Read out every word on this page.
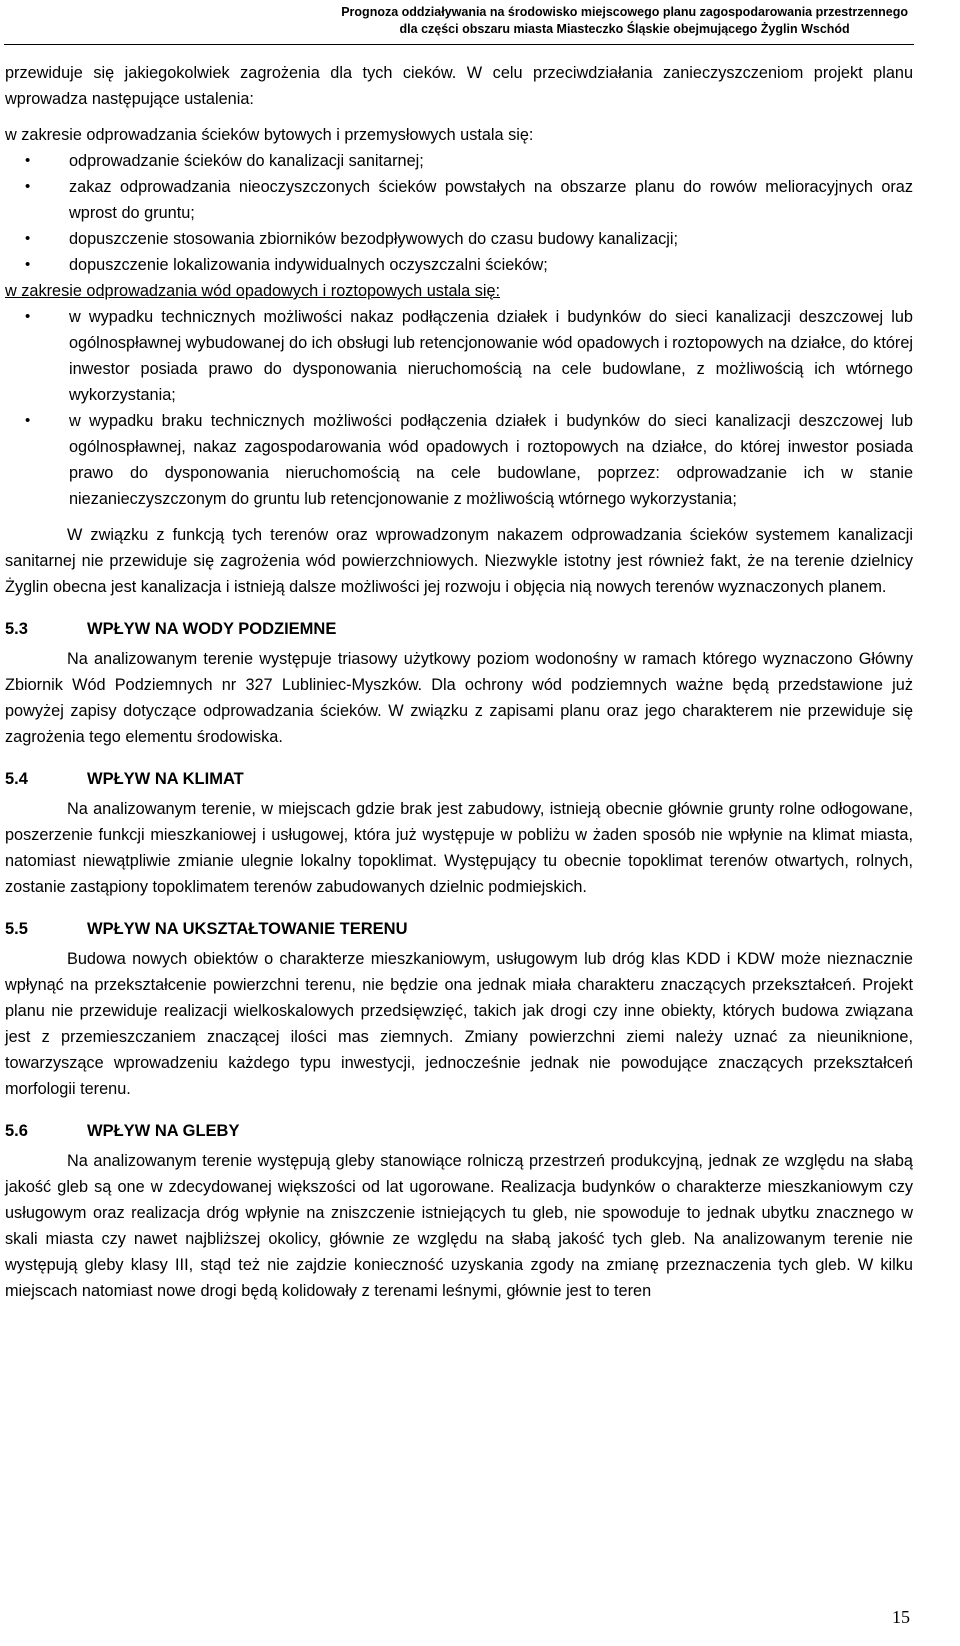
Prognoza oddziaływania na środowisko miejscowego planu zagospodarowania przestrzennego
dla części obszaru miasta Miasteczko Śląskie obejmującego Żyglin Wschód

przewiduje się jakiegokolwiek zagrożenia dla tych cieków. W celu przeciwdziałania zanieczyszczeniom projekt planu wprowadza następujące ustalenia:

w zakresie odprowadzania ścieków bytowych i przemysłowych ustala się:

• odprowadzanie ścieków do kanalizacji sanitarnej;
• zakaz odprowadzania nieoczyszczonych ścieków powstałych na obszarze planu do rowów melioracyjnych oraz wprost do gruntu;
• dopuszczenie stosowania zbiorników bezodpływowych do czasu budowy kanalizacji;
• dopuszczenie lokalizowania indywidualnych oczyszczalni ścieków;

w zakresie odprowadzania wód opadowych i roztopowych ustala się:

• w wypadku technicznych możliwości nakaz podłączenia działek i budynków do sieci kanalizacji deszczowej lub ogólnospławnej wybudowanej do ich obsługi lub retencjonowanie wód opadowych i roztopowych na działce, do której inwestor posiada prawo do dysponowania nieruchomością na cele budowlane, z możliwością ich wtórnego wykorzystania;
• w wypadku braku technicznych możliwości podłączenia działek i budynków do sieci kanalizacji deszczowej lub ogólnospławnej, nakaz zagospodarowania wód opadowych i roztopowych na działce, do której inwestor posiada prawo do dysponowania nieruchomością na cele budowlane, poprzez: odprowadzanie ich w stanie niezanieczyszczonym do gruntu lub retencjonowanie z możliwością wtórnego wykorzystania;

W związku z funkcją tych terenów oraz wprowadzonym nakazem odprowadzania ścieków systemem kanalizacji sanitarnej nie przewiduje się zagrożenia wód powierzchniowych. Niezwykle istotny jest również fakt, że na terenie dzielnicy Żyglin obecna jest kanalizacja i istnieją dalsze możliwości jej rozwoju i objęcia nią nowych terenów wyznaczonych planem.

5.3	WPŁYW NA WODY PODZIEMNE

Na analizowanym terenie występuje triasowy użytkowy poziom wodonośny w ramach którego wyznaczono Główny Zbiornik Wód Podziemnych nr 327 Lubliniec-Myszków. Dla ochrony wód podziemnych ważne będą przedstawione już powyżej zapisy dotyczące odprowadzania ścieków. W związku z zapisami planu oraz jego charakterem nie przewiduje się zagrożenia tego elementu środowiska.

5.4	WPŁYW NA KLIMAT

Na analizowanym terenie, w miejscach gdzie brak jest zabudowy, istnieją obecnie głównie grunty rolne odłogowane, poszerzenie funkcji mieszkaniowej i usługowej, która już występuje w pobliżu w żaden sposób nie wpłynie na klimat miasta, natomiast niewątpliwie zmianie ulegnie lokalny topoklimat. Występujący tu obecnie topoklimat terenów otwartych, rolnych, zostanie zastąpiony topoklimatem terenów zabudowanych dzielnic podmiejskich.

5.5	WPŁYW NA UKSZTAŁTOWANIE TERENU

Budowa nowych obiektów o charakterze mieszkaniowym, usługowym lub dróg klas KDD i KDW może nieznacznie wpłynąć na przekształcenie powierzchni terenu, nie będzie ona jednak miała charakteru znaczących przekształceń. Projekt planu nie przewiduje realizacji wielkoskalowych przedsięwzięć, takich jak drogi czy inne obiekty, których budowa związana jest z przemieszczaniem znaczącej ilości mas ziemnych. Zmiany powierzchni ziemi należy uznać za nieuniknione, towarzyszące wprowadzeniu każdego typu inwestycji, jednocześnie jednak nie powodujące znaczących przekształceń morfologii terenu.

5.6	WPŁYW NA GLEBY

Na analizowanym terenie występują gleby stanowiące rolniczą przestrzeń produkcyjną, jednak ze względu na słabą jakość gleb są one w zdecydowanej większości od lat ugorowane. Realizacja budynków o charakterze mieszkaniowym czy usługowym oraz realizacja dróg wpłynie na zniszczenie istniejących tu gleb, nie spowoduje to jednak ubytku znacznego w skali miasta czy nawet najbliższej okolicy, głównie ze względu na słabą jakość tych gleb. Na analizowanym terenie nie występują gleby klasy III, stąd też nie zajdzie konieczność uzyskania zgody na zmianę przeznaczenia tych gleb. W kilku miejscach natomiast nowe drogi będą kolidowały z terenami leśnymi, głównie jest to teren

15
